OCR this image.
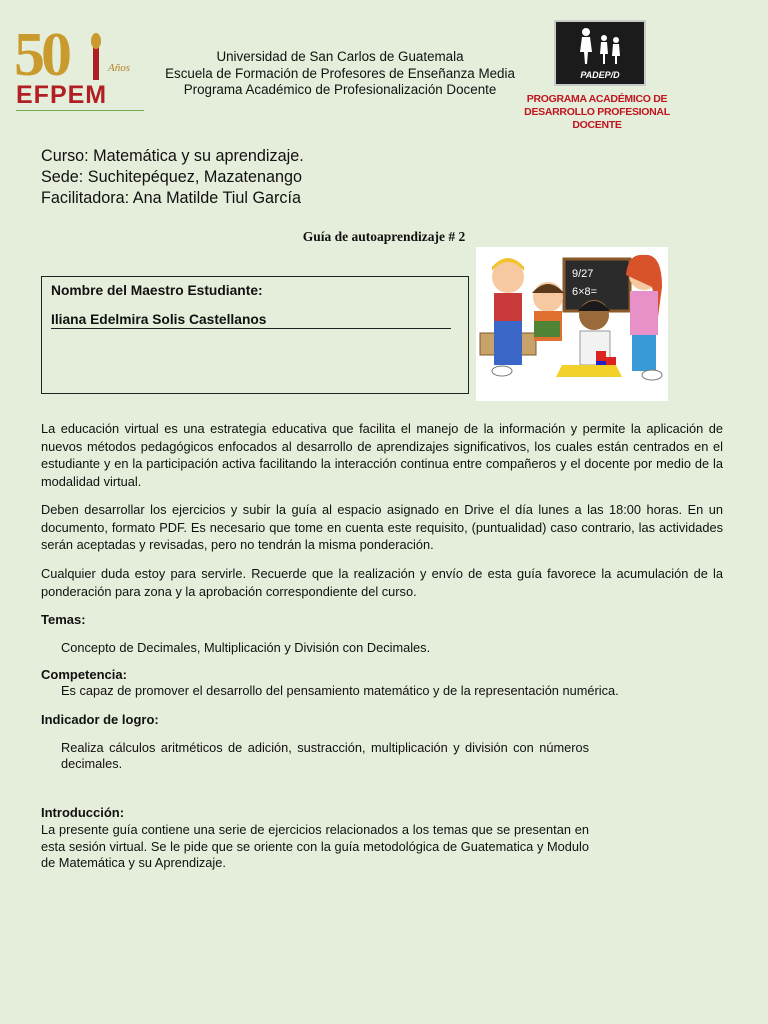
50	Años
EFPEM
Universidad de San Carlos de Guatemala
Escuela de Formación de Profesores de Enseñanza Media
Programa Académico de Profesionalización Docente
PADEP/D
PROGRAMA ACADÉMICO DE
DESARROLLO PROFESIONAL DOCENTE
Curso: Matemática y su aprendizaje.
Sede: Suchitepéquez, Mazatenango
Facilitadora: Ana Matilde Tiul García
Guía de autoaprendizaje # 2
Nombre del Maestro Estudiante:
Iliana Edelmira Solis Castellanos
9/27
6×8=
La educación virtual es una estrategia educativa que facilita el manejo de la información y permite la aplicación de nuevos métodos pedagógicos enfocados al desarrollo de aprendizajes significativos, los cuales están centrados en el estudiante y en la participación activa facilitando la interacción continua entre compañeros y el docente por medio de la modalidad virtual.
Deben desarrollar los ejercicios y subir la guía al espacio asignado en Drive el día lunes a las 18:00 horas. En un documento, formato PDF. Es necesario que tome en cuenta este requisito, (puntualidad) caso contrario, las actividades serán aceptadas y revisadas, pero no tendrán la misma ponderación.
Cualquier duda estoy para servirle. Recuerde que la realización y envío de esta guía favorece la acumulación de la ponderación para zona y la aprobación correspondiente del curso.
Temas:
Concepto de Decimales, Multiplicación y División con Decimales.
Competencia:
Es capaz de promover el desarrollo del pensamiento matemático y de la representación numérica.
Indicador de logro:
Realiza cálculos aritméticos de adición, sustracción, multiplicación y división con números decimales.
Introducción:
La presente guía contiene una serie de ejercicios relacionados a los temas que se presentan en esta sesión virtual. Se le pide que se oriente con la guía metodológica de Guatematica y Modulo de Matemática y su Aprendizaje.
